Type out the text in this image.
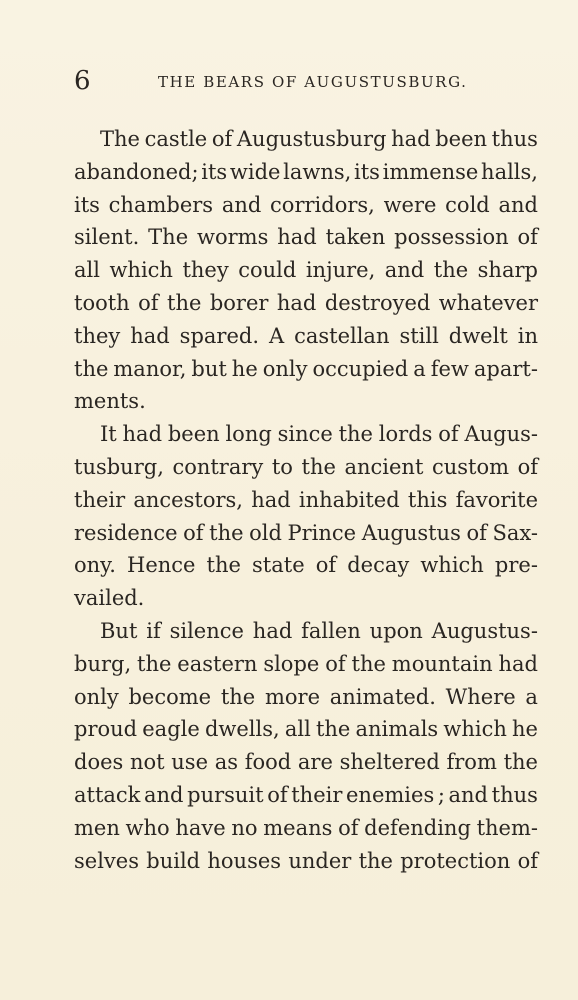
6	THE BEARS OF AUGUSTUSBURG.
The castle of Augustusburg had been thus
abandoned; its wide lawns, its immense halls,
its chambers and corridors, were cold and
silent. The worms had taken possession of
all which they could injure, and the sharp
tooth of the borer had destroyed whatever
they had spared. A castellan still dwelt in
the manor, but he only occupied a few apart-
ments.
It had been long since the lords of Augus-
tusburg, contrary to the ancient custom of
their ancestors, had inhabited this favorite
residence of the old Prince Augustus of Sax-
ony. Hence the state of decay which pre-
vailed.
But if silence had fallen upon Augustus-
burg, the eastern slope of the mountain had
only become the more animated. Where a
proud eagle dwells, all the animals which he
does not use as food are sheltered from the
attack and pursuit of their enemies ; and thus
men who have no means of defending them-
selves build houses under the protection of
